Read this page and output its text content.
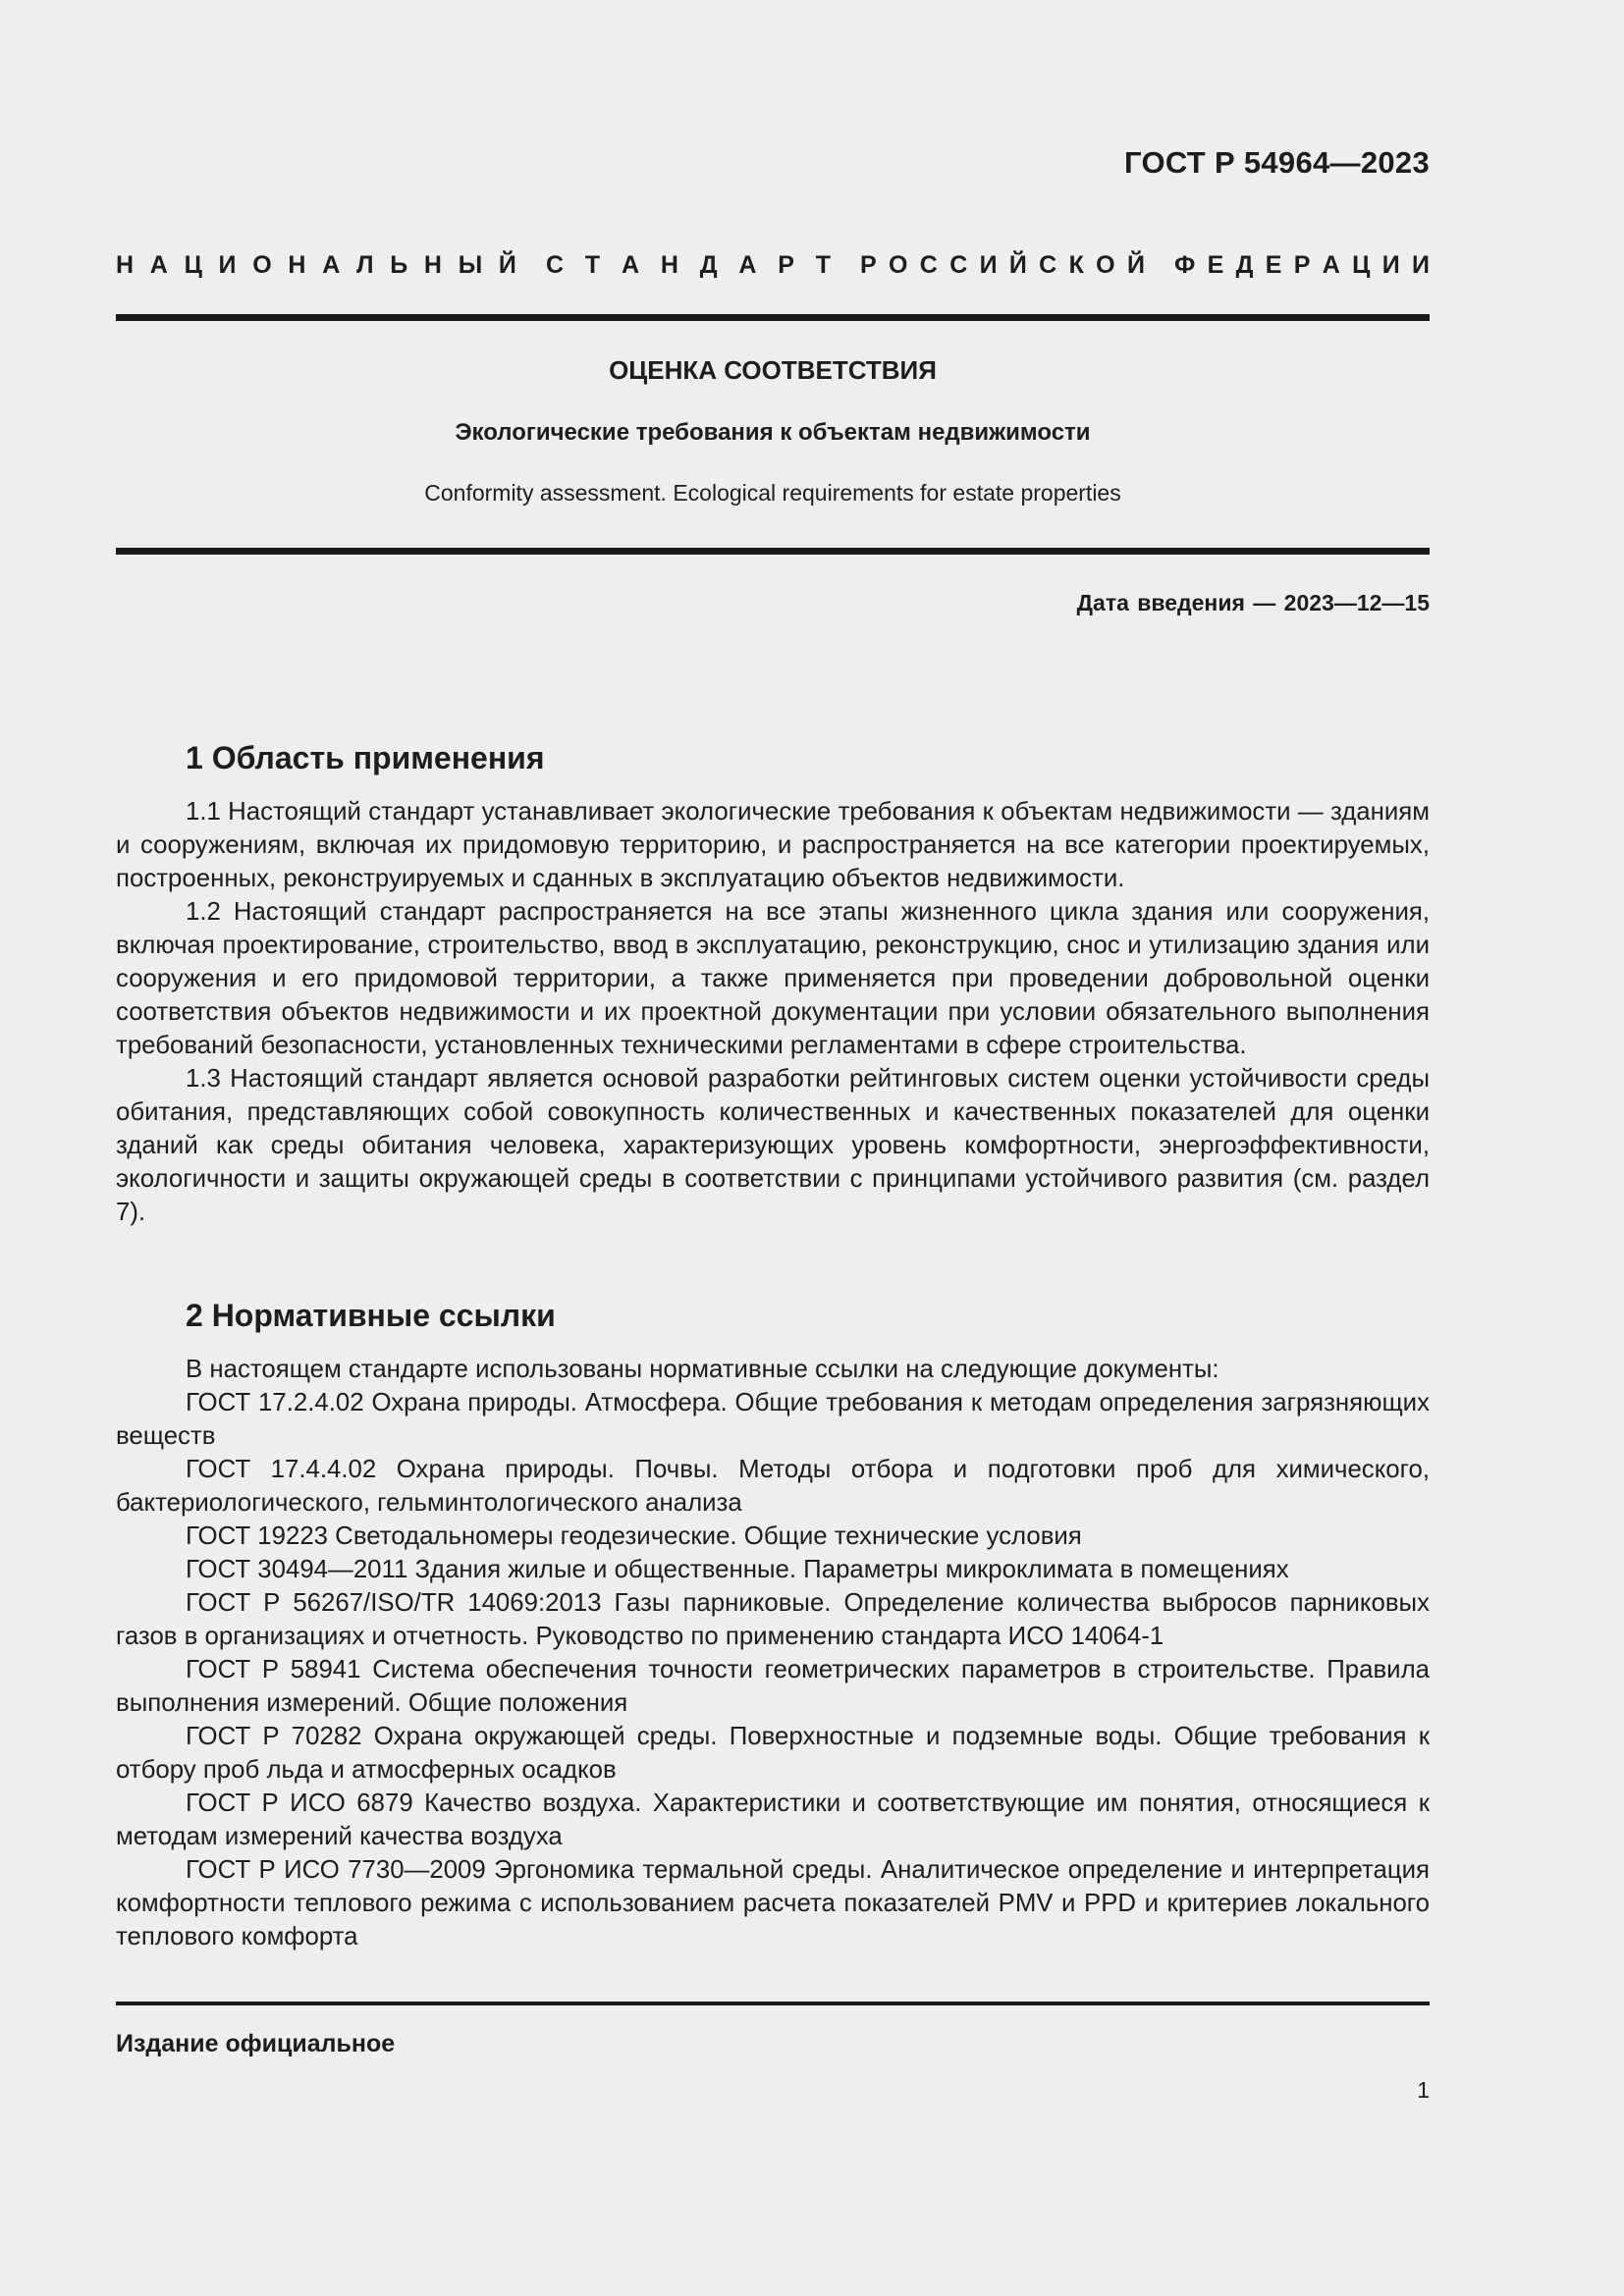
ГОСТ Р 54964—2023
Н А Ц И О Н А Л Ь Н Ы Й С Т А Н Д А Р Т Р О С С И Й С К О Й Ф Е Д Е Р А Ц И И
ОЦЕНКА СООТВЕТСТВИЯ
Экологические требования к объектам недвижимости
Conformity assessment. Ecological requirements for estate properties
Дата введения — 2023—12—15
1 Область применения

1.1 Настоящий стандарт устанавливает экологические требования к объектам недвижимости — зданиям и сооружениям, включая их придомовую территорию, и распространяется на все категории проектируемых, построенных, реконструируемых и сданных в эксплуатацию объектов недвижимости.

1.2 Настоящий стандарт распространяется на все этапы жизненного цикла здания или сооружения, включая проектирование, строительство, ввод в эксплуатацию, реконструкцию, снос и утилизацию здания или сооружения и его придомовой территории, а также применяется при проведении добровольной оценки соответствия объектов недвижимости и их проектной документации при условии обязательного выполнения требований безопасности, установленных техническими регламентами в сфере строительства.

1.3 Настоящий стандарт является основой разработки рейтинговых систем оценки устойчивости среды обитания, представляющих собой совокупность количественных и качественных показателей для оценки зданий как среды обитания человека, характеризующих уровень комфортности, энергоэффективности, экологичности и защиты окружающей среды в соответствии с принципами устойчивого развития (см. раздел 7).

2 Нормативные ссылки

В настоящем стандарте использованы нормативные ссылки на следующие документы:

ГОСТ 17.2.4.02 Охрана природы. Атмосфера. Общие требования к методам определения загрязняющих веществ

ГОСТ 17.4.4.02 Охрана природы. Почвы. Методы отбора и подготовки проб для химического, бактериологического, гельминтологического анализа

ГОСТ 19223 Светодальномеры геодезические. Общие технические условия

ГОСТ 30494—2011 Здания жилые и общественные. Параметры микроклимата в помещениях

ГОСТ Р 56267/ISO/TR 14069:2013 Газы парниковые. Определение количества выбросов парниковых газов в организациях и отчетность. Руководство по применению стандарта ИСО 14064-1

ГОСТ Р 58941 Система обеспечения точности геометрических параметров в строительстве. Правила выполнения измерений. Общие положения

ГОСТ Р 70282 Охрана окружающей среды. Поверхностные и подземные воды. Общие требования к отбору проб льда и атмосферных осадков

ГОСТ Р ИСО 6879 Качество воздуха. Характеристики и соответствующие им понятия, относящиеся к методам измерений качества воздуха

ГОСТ Р ИСО 7730—2009 Эргономика термальной среды. Аналитическое определение и интерпретация комфортности теплового режима с использованием расчета показателей PMV и PPD и критериев локального теплового комфорта

Издание официальное
1
